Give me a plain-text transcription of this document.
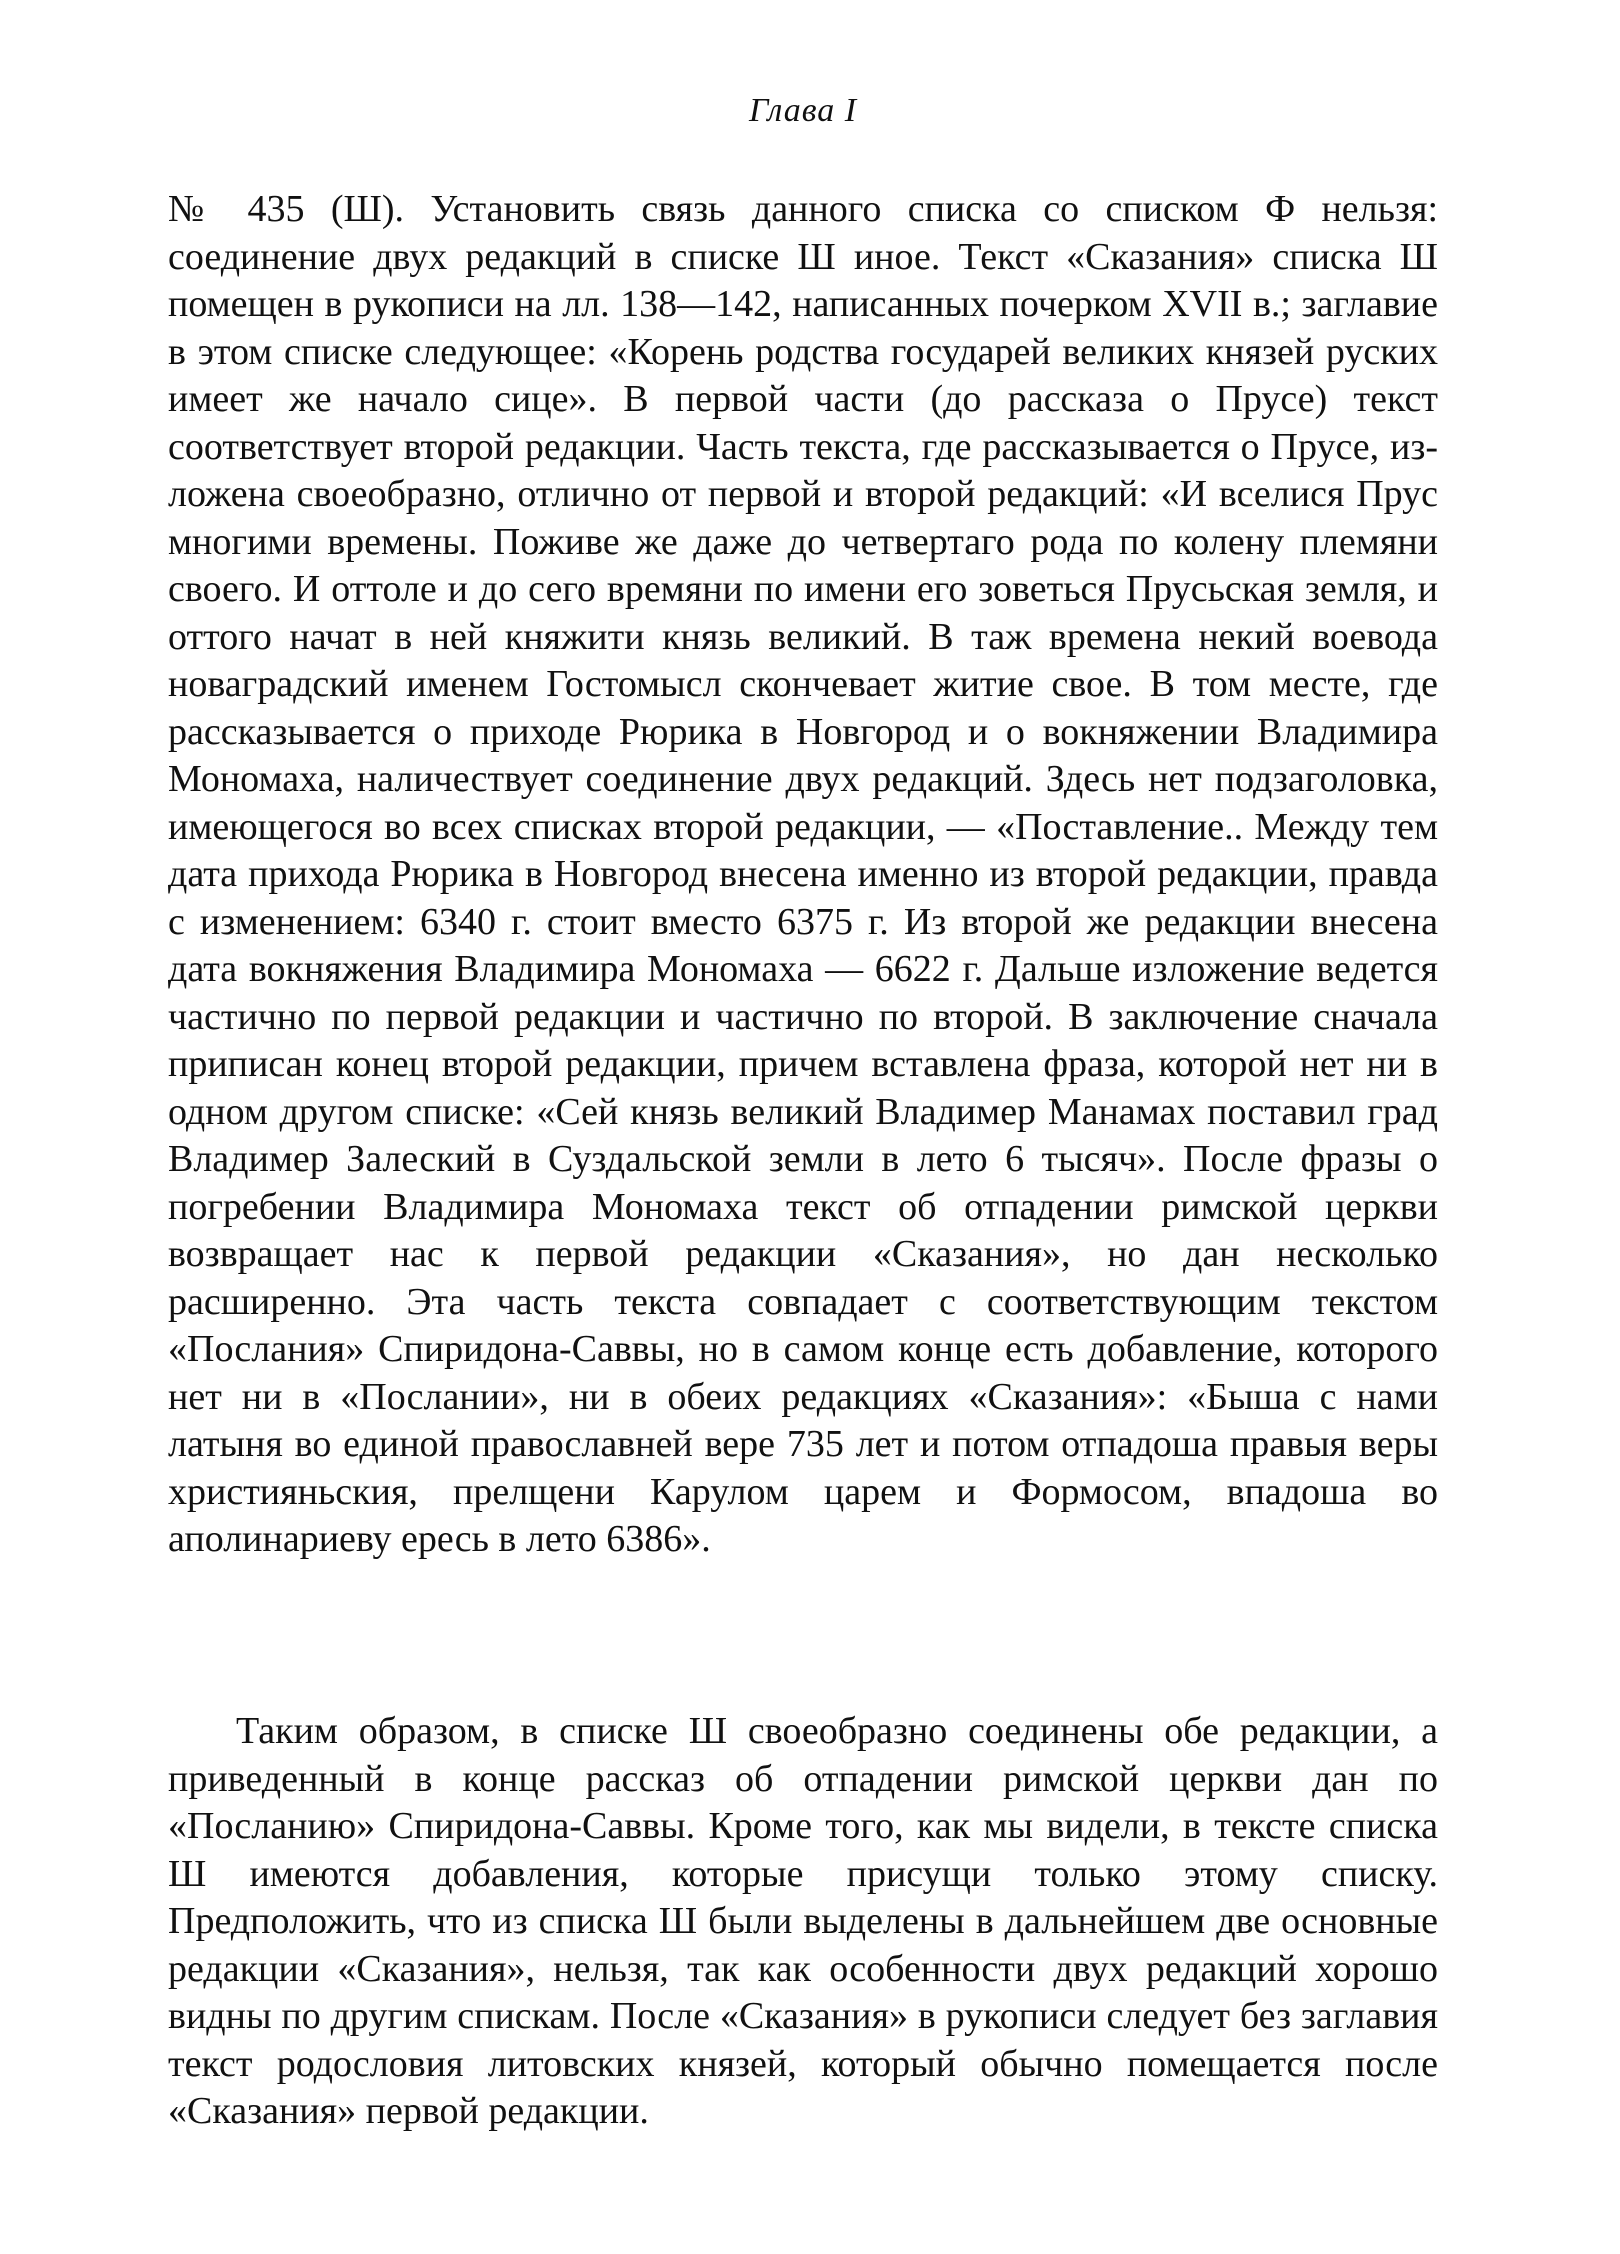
Глава I

№ 435 (Ш). Установить связь данного списка со списком Ф нельзя: соединение двух редакций в списке Ш иное. Текст «Сказания» списка Ш помещен в рукописи на лл. 138—142, написанных почерком XVII в.; заглавие в этом списке следующее: «Корень родства государей великих князей руских имеет же начало сице». В первой части (до рассказа о Прусе) текст соответствует второй редакции. Часть текста, где рассказывается о Прусе, изложена своеобразно, отлично от первой и второй редакций: «И вселися Прус многими времены. Поживе же даже до четвертаго рода по колену племяни своего. И оттоле и до сего времяни по имени его зоветься Прусьская земля, и оттого начат в ней княжити князь великий. В таж времена некий воевода новаградский именем Гостомысл скончевает житие свое. В том месте, где рассказывается о приходе Рюрика в Новгород и о вокняжении Владимира Мономаха, наличествует соединение двух редакций. Здесь нет подзаголовка, имеющегося во всех списках второй редакции, — «Поставление.. Между тем дата прихода Рюрика в Новгород внесена именно из второй редакции, правда с изменением: 6340 г. стоит вместо 6375 г. Из второй же редакции внесена дата вокняжения Владимира Мономаха — 6622 г. Дальше изложение ведется частично по первой редакции и частично по второй. В заключение сначала приписан конец второй редакции, причем вставлена фраза, которой нет ни в одном другом списке: «Сей князь великий Владимер Манамах поставил град Владимер Залеский в Суздальской земли в лето 6 тысяч». После фразы о погребении Владимира Мономаха текст об отпадении римской церкви возвращает нас к первой редакции «Сказания», но дан несколько расширенно. Эта часть текста совпадает с соответствующим текстом «Послания» Спиридона-Саввы, но в самом конце есть добавление, которого нет ни в «Послании», ни в обеих редакциях «Сказания»: «Быша с нами латыня во единой православней вере 735 лет и потом отпадоша правыя веры християньския, прелщени Карулом царем и Формосом, впадоша во аполинариеву ересь в лето 6386».

Таким образом, в списке Ш своеобразно соединены обе редакции, а приведенный в конце рассказ об отпадении римской церкви дан по «Посланию» Спиридона-Саввы. Кроме того, как мы видели, в тексте списка Ш имеются добавления, которые присущи только этому списку. Предположить, что из списка Ш были выделены в дальнейшем две основные редакции «Сказания», нельзя, так как особенности двух редакций хорошо видны по другим спискам. После «Сказания» в рукописи следует без заглавия текст родословия литовских князей, который обычно помещается после «Сказания» первой редакции.
